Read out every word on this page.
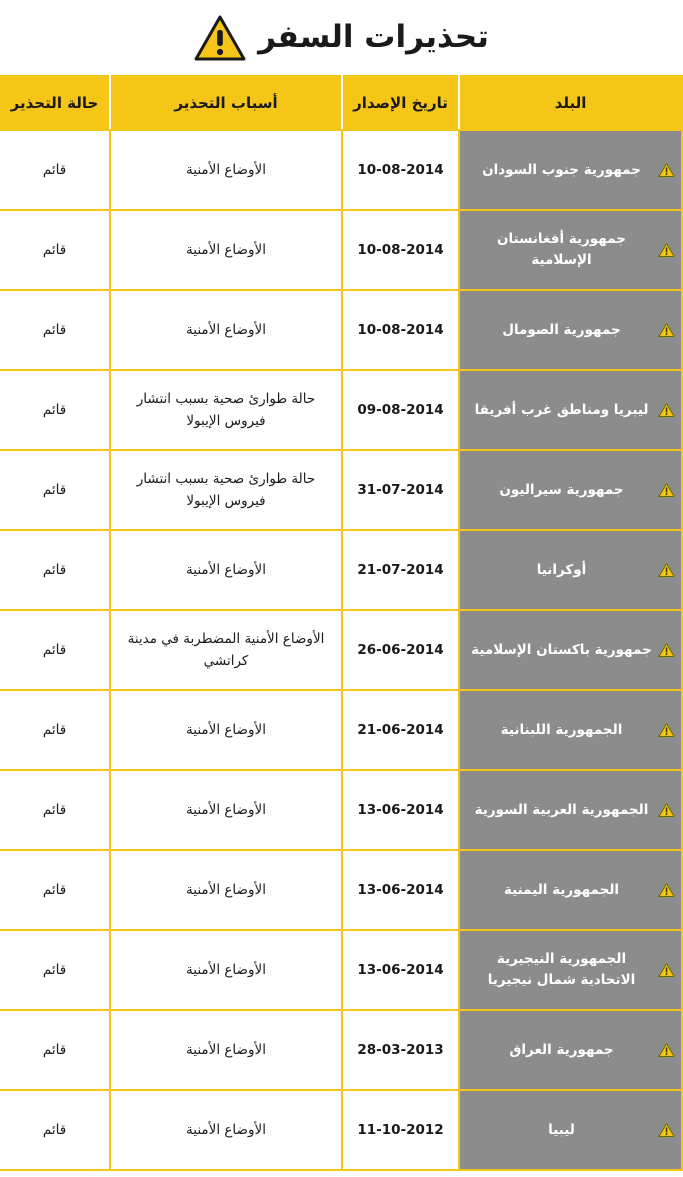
تحذيرات السفر
البلد	تاريخ الإصدار	أسباب التحذير	حالة التحذير

جمهورية جنوب السودان	10-08-2014	الأوضاع الأمنية	قائم

جمهورية أفغانستان الإسلامية	10-08-2014	الأوضاع الأمنية	قائم

جمهورية الصومال	10-08-2014	الأوضاع الأمنية	قائم

ليبريا ومناطق غرب أفريقا	09-08-2014	حالة طوارئ صحية بسبب انتشار فيروس الإيبولا	قائم

جمهورية سيراليون	31-07-2014	حالة طوارئ صحية بسبب انتشار فيروس الإيبولا	قائم

أوكرانيا	21-07-2014	الأوضاع الأمنية	قائم

جمهورية باكستان الإسلامية	26-06-2014	الأوضاع الأمنية المضطربة في مدينة كراتشي	قائم

الجمهورية اللبنانية	21-06-2014	الأوضاع الأمنية	قائم

الجمهورية العربية السورية	13-06-2014	الأوضاع الأمنية	قائم

الجمهورية اليمنية	13-06-2014	الأوضاع الأمنية	قائم

الجمهورية النيجيرية الاتحادية شمال نيجيريا	13-06-2014	الأوضاع الأمنية	قائم

جمهورية العراق	28-03-2013	الأوضاع الأمنية	قائم

ليبيا	11-10-2012	الأوضاع الأمنية	قائم
